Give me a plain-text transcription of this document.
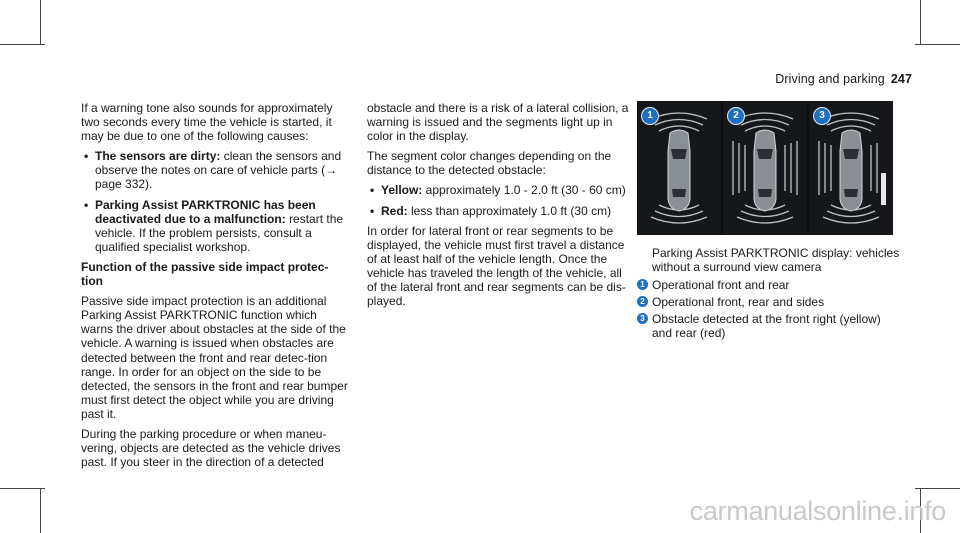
Driving and parking 247

If a warning tone also sounds for approximately two seconds every time the vehicle is started, it may be due to one of the following causes:

• The sensors are dirty: clean the sensors and observe the notes on care of vehicle parts (→ page 332).
• Parking Assist PARKTRONIC has been deactivated due to a malfunction: restart the vehicle. If the problem persists, consult a qualified specialist workshop.

Function of the passive side impact protec-tion

Passive side impact protection is an additional Parking Assist PARKTRONIC function which warns the driver about obstacles at the side of the vehicle. A warning is issued when obstacles are detected between the front and rear detec-tion range. In order for an object on the side to be detected, the sensors in the front and rear bumper must first detect the object while you are driving past it.

During the parking procedure or when maneu-vering, objects are detected as the vehicle drives past. If you steer in the direction of a detected

obstacle and there is a risk of a lateral collision, a warning is issued and the segments light up in color in the display.

The segment color changes depending on the distance to the detected obstacle:

• Yellow: approximately 1.0 - 2.0 ft (30 - 60 cm)
• Red: less than approximately 1.0 ft (30 cm)

In order for lateral front or rear segments to be displayed, the vehicle must first travel a distance of at least half of the vehicle length. Once the vehicle has traveled the length of the vehicle, all of the lateral front and rear segments can be dis-played.

1	2	3
Parking Assist PARKTRONIC display: vehicles without a surround view camera
1 Operational front and rear
2 Operational front, rear and sides
3 Obstacle detected at the front right (yellow) and rear (red)
carmanualsonline.info
